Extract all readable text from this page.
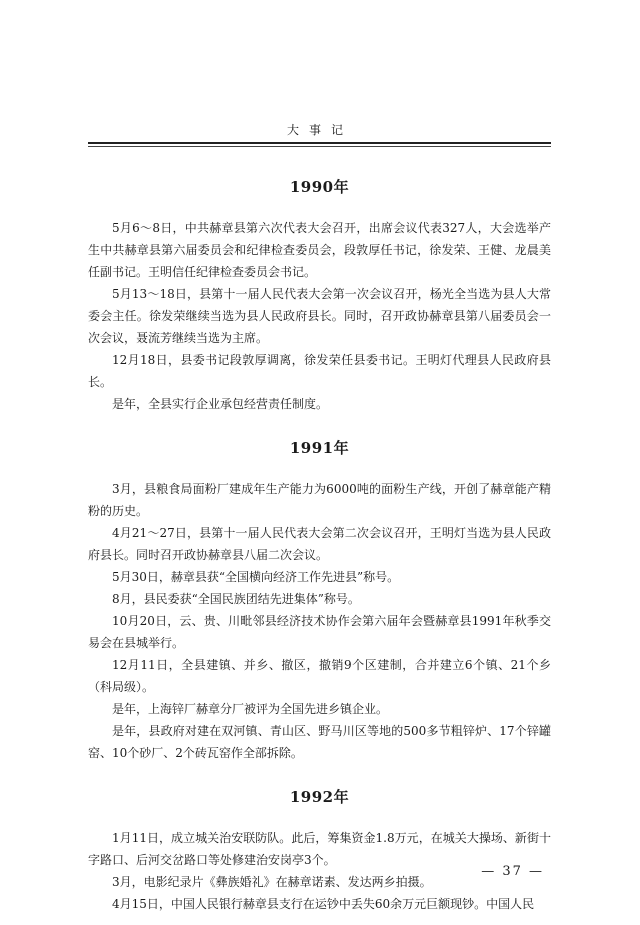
大事记
1990年

5月6～8日，中共赫章县第六次代表大会召开，出席会议代表327人，大会选举产生中共赫章县第六届委员会和纪律检查委员会，段敦厚任书记，徐发荣、王健、龙晨美任副书记。王明信任纪律检查委员会书记。

5月13～18日，县第十一届人民代表大会第一次会议召开，杨光全当选为县人大常委会主任。徐发荣继续当选为县人民政府县长。同时，召开政协赫章县第八届委员会一次会议，聂流芳继续当选为主席。

12月18日，县委书记段敦厚调离，徐发荣任县委书记。王明灯代理县人民政府县长。

是年，全县实行企业承包经营责任制度。

1991年

3月，县粮食局面粉厂建成年生产能力为6000吨的面粉生产线，开创了赫章能产精粉的历史。

4月21～27日，县第十一届人民代表大会第二次会议召开，王明灯当选为县人民政府县长。同时召开政协赫章县八届二次会议。

5月30日，赫章县获“全国横向经济工作先进县”称号。

8月，县民委获“全国民族团结先进集体”称号。

10月20日，云、贵、川毗邻县经济技术协作会第六届年会暨赫章县1991年秋季交易会在县城举行。

12月11日，全县建镇、并乡、撤区，撤销9个区建制，合并建立6个镇、21个乡（科局级）。

是年，上海锌厂赫章分厂被评为全国先进乡镇企业。

是年，县政府对建在双河镇、青山区、野马川区等地的500多节粗锌炉、17个锌罐窑、10个砂厂、2个砖瓦窑作全部拆除。

1992年

1月11日，成立城关治安联防队。此后，筹集资金1.8万元，在城关大操场、新街十字路口、后河交岔路口等处修建治安岗亭3个。

3月，电影纪录片《彝族婚礼》在赫章诺素、发达两乡拍摄。

4月15日，中国人民银行赫章县支行在运钞中丢失60余万元巨额现钞。中国人民

— 37 —
